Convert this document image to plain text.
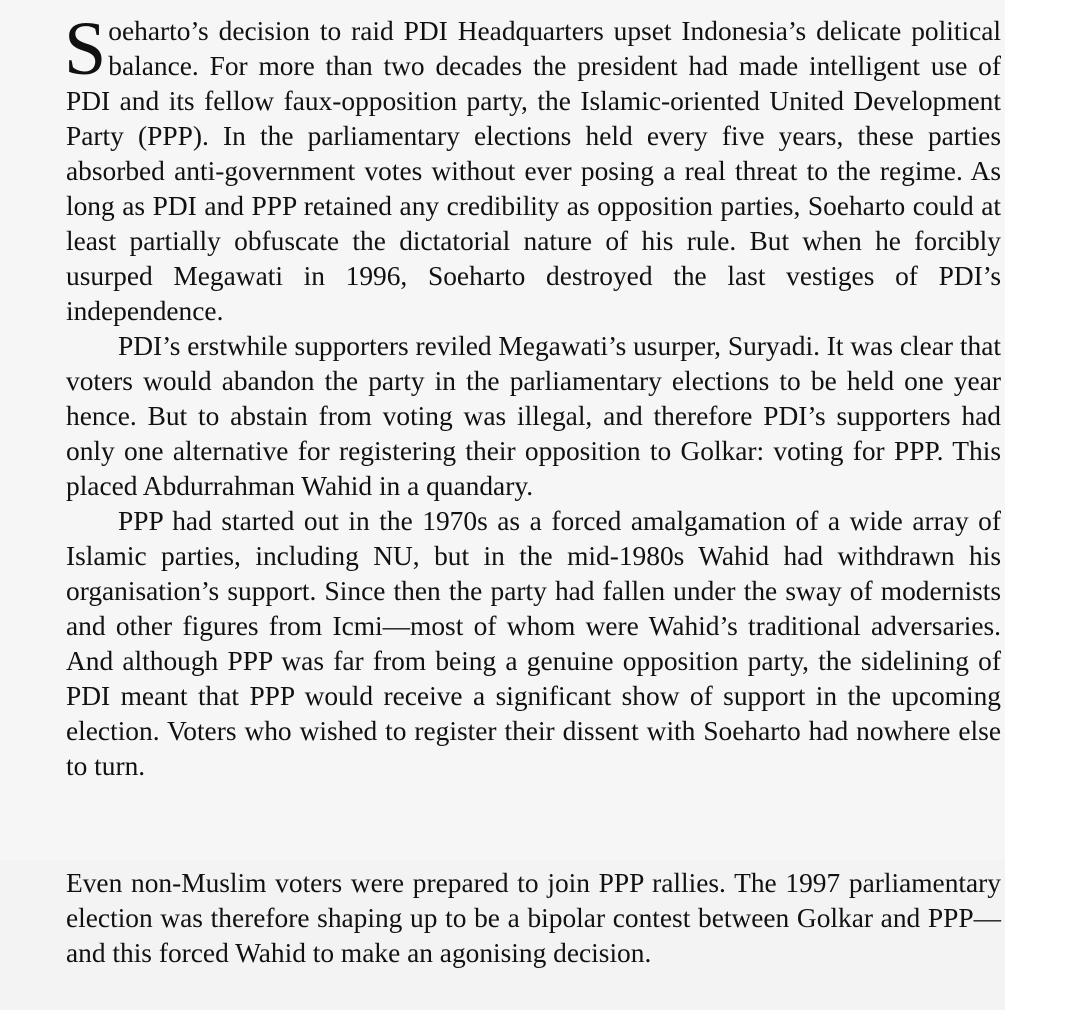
Soeharto’s decision to raid PDI Headquarters upset Indonesia’s delicate political balance. For more than two decades the president had made intelligent use of PDI and its fellow faux-opposition party, the Islamic-oriented United Development Party (PPP). In the parliamentary elections held every five years, these parties absorbed anti-government votes without ever posing a real threat to the regime. As long as PDI and PPP retained any credibility as opposition parties, Soeharto could at least partially obfuscate the dictatorial nature of his rule. But when he forcibly usurped Megawati in 1996, Soeharto destroyed the last vestiges of PDI’s independence.

PDI’s erstwhile supporters reviled Megawati’s usurper, Suryadi. It was clear that voters would abandon the party in the parliamentary elections to be held one year hence. But to abstain from voting was illegal, and therefore PDI’s supporters had only one alternative for registering their opposition to Golkar: voting for PPP. This placed Abdurrahman Wahid in a quandary.

PPP had started out in the 1970s as a forced amalgamation of a wide array of Islamic parties, including NU, but in the mid-1980s Wahid had withdrawn his organisation’s support. Since then the party had fallen under the sway of modernists and other figures from Icmi—most of whom were Wahid’s traditional adversaries. And although PPP was far from being a genuine opposition party, the sidelining of PDI meant that PPP would receive a significant show of support in the upcoming election. Voters who wished to register their dissent with Soeharto had nowhere else to turn.

Even non-Muslim voters were prepared to join PPP rallies. The 1997 parliamentary election was therefore shaping up to be a bipolar contest between Golkar and PPP—and this forced Wahid to make an agonising decision.
